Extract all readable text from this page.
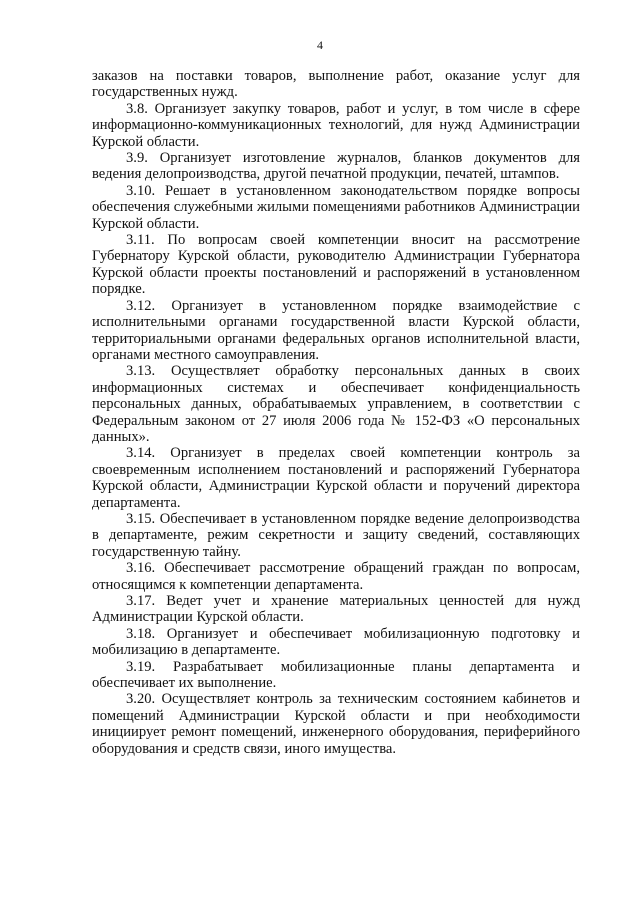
4

заказов на поставки товаров, выполнение работ, оказание услуг для государственных нужд.

3.8. Организует закупку товаров, работ и услуг, в том числе в сфере информационно-коммуникационных технологий, для нужд Администрации Курской области.

3.9. Организует изготовление журналов, бланков документов для ведения делопроизводства, другой печатной продукции, печатей, штампов.

3.10. Решает в установленном законодательством порядке вопросы обеспечения служебными жилыми помещениями работников Администрации Курской области.

3.11. По вопросам своей компетенции вносит на рассмотрение Губернатору Курской области, руководителю Администрации Губернатора Курской области проекты постановлений и распоряжений в установленном порядке.

3.12. Организует в установленном порядке взаимодействие с исполнительными органами государственной власти Курской области, территориальными органами федеральных органов исполнительной власти, органами местного самоуправления.

3.13. Осуществляет обработку персональных данных в своих информационных системах и обеспечивает конфиденциальность персональных данных, обрабатываемых управлением, в соответствии с Федеральным законом от 27 июля 2006 года № 152-ФЗ «О персональных данных».

3.14. Организует в пределах своей компетенции контроль за своевременным исполнением постановлений и распоряжений Губернатора Курской области, Администрации Курской области и поручений директора департамента.

3.15. Обеспечивает в установленном порядке ведение делопроизводства в департаменте, режим секретности и защиту сведений, составляющих государственную тайну.

3.16. Обеспечивает рассмотрение обращений граждан по вопросам, относящимся к компетенции департамента.

3.17. Ведет учет и хранение материальных ценностей для нужд Администрации Курской области.

3.18. Организует и обеспечивает мобилизационную подготовку и мобилизацию в департаменте.

3.19. Разрабатывает мобилизационные планы департамента и обеспечивает их выполнение.

3.20. Осуществляет контроль за техническим состоянием кабинетов и помещений Администрации Курской области и при необходимости инициирует ремонт помещений, инженерного оборудования, периферийного оборудования и средств связи, иного имущества.
